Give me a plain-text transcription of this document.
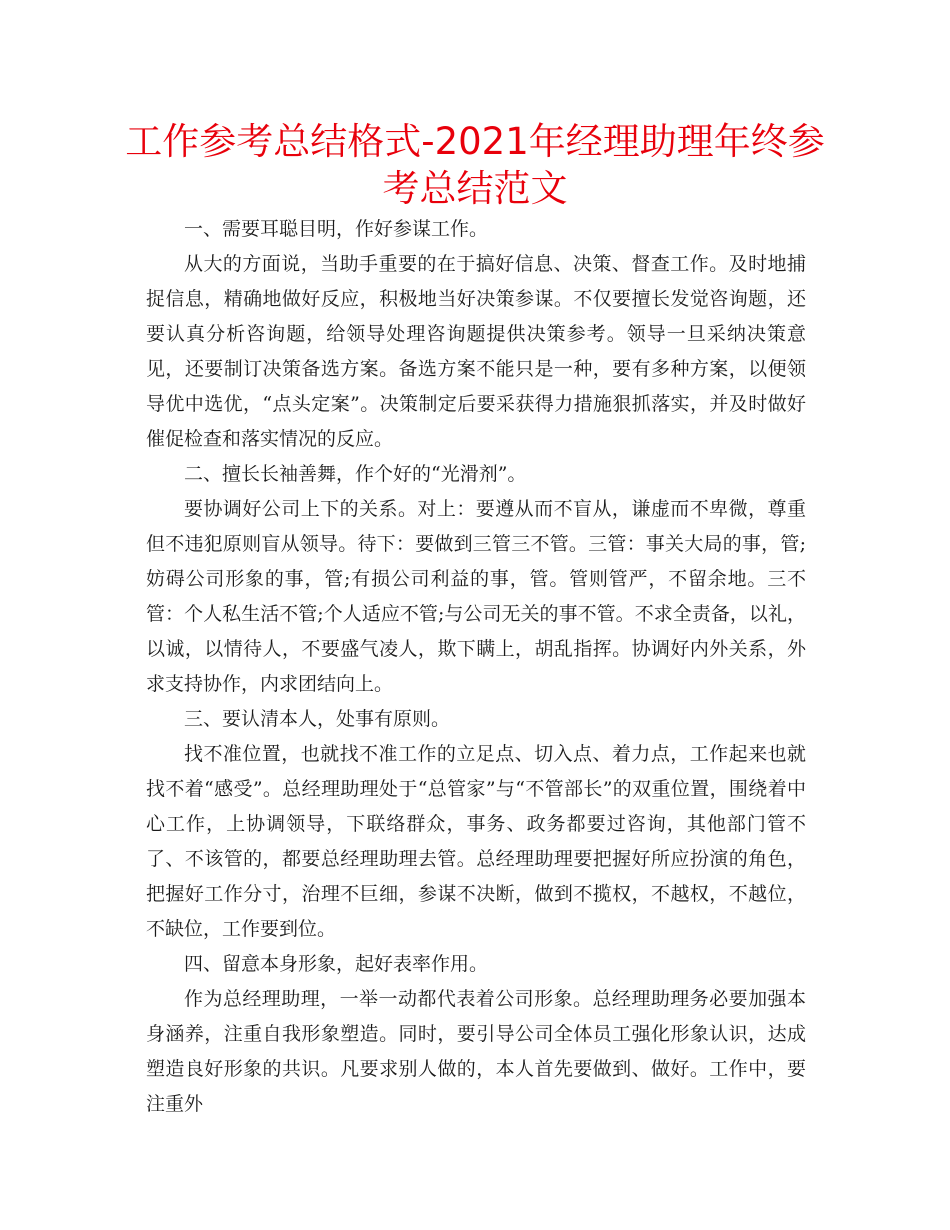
工作参考总结格式-2021年经理助理年终参考总结范文

一、需要耳聪目明，作好参谋工作。

从大的方面说，当助手重要的在于搞好信息、决策、督查工作。及时地捕捉信息，精确地做好反应，积极地当好决策参谋。不仅要擅长发觉咨询题，还要认真分析咨询题，给领导处理咨询题提供决策参考。领导一旦采纳决策意见，还要制订决策备选方案。备选方案不能只是一种，要有多种方案，以便领导优中选优，“点头定案”。决策制定后要采获得力措施狠抓落实，并及时做好催促检查和落实情况的反应。

二、擅长长袖善舞，作个好的“光滑剂”。

要协调好公司上下的关系。对上：要遵从而不盲从，谦虚而不卑微，尊重但不违犯原则盲从领导。待下：要做到三管三不管。三管：事关大局的事，管;妨碍公司形象的事，管;有损公司利益的事，管。管则管严，不留余地。三不管：个人私生活不管;个人适应不管;与公司无关的事不管。不求全责备，以礼，以诚，以情待人，不要盛气凌人，欺下瞒上，胡乱指挥。协调好内外关系，外求支持协作，内求团结向上。

三、要认清本人，处事有原则。

找不准位置，也就找不准工作的立足点、切入点、着力点，工作起来也就找不着“感受”。总经理助理处于“总管家”与“不管部长”的双重位置，围绕着中心工作，上协调领导，下联络群众，事务、政务都要过咨询，其他部门管不了、不该管的，都要总经理助理去管。总经理助理要把握好所应扮演的角色，把握好工作分寸，治理不巨细，参谋不决断，做到不揽权，不越权，不越位，不缺位，工作要到位。

四、留意本身形象，起好表率作用。

作为总经理助理，一举一动都代表着公司形象。总经理助理务必要加强本身涵养，注重自我形象塑造。同时，要引导公司全体员工强化形象认识，达成塑造良好形象的共识。凡要求别人做的，本人首先要做到、做好。工作中，要注重外
